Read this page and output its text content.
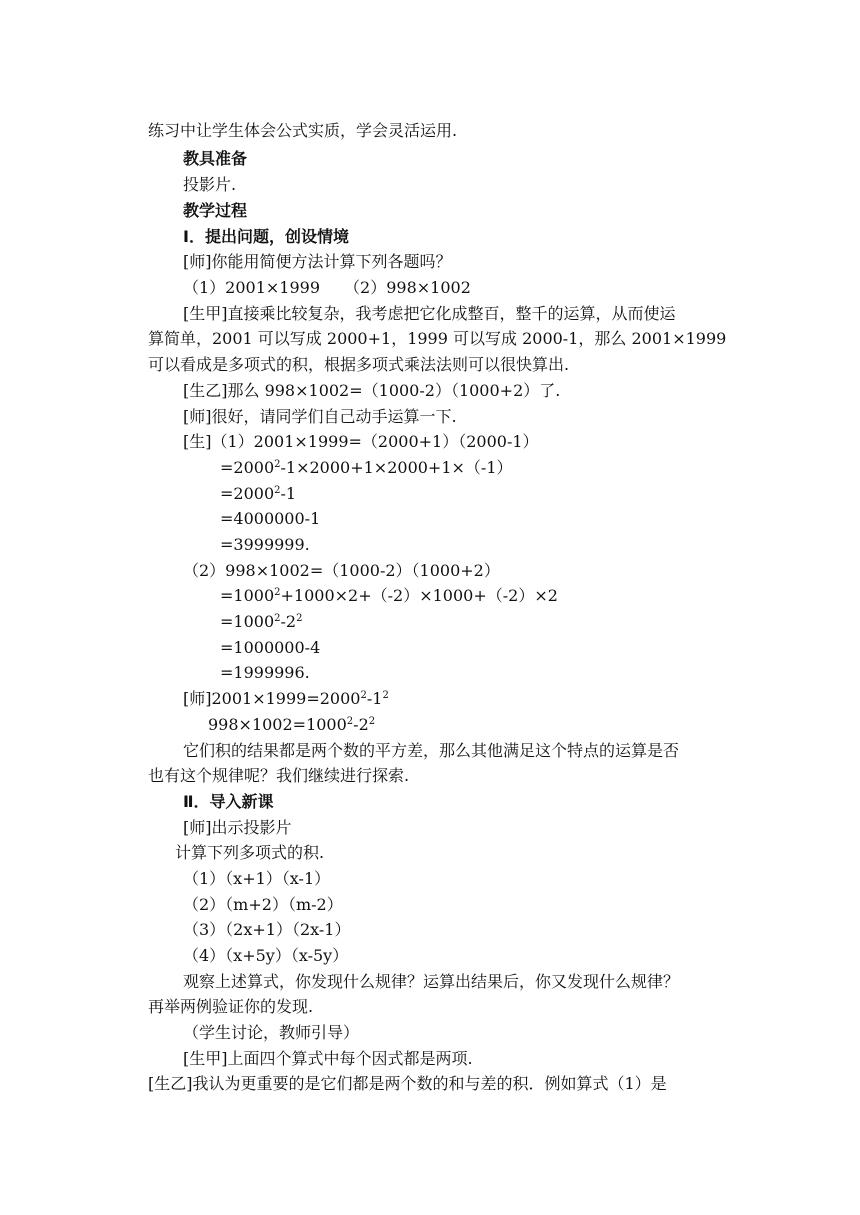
练习中让学生体会公式实质，学会灵活运用.
教具准备
投影片.
教学过程
Ⅰ．提出问题，创设情境
[师]你能用简便方法计算下列各题吗？
（1）2001×1999　　（2）998×1002
[生甲]直接乘比较复杂，我考虑把它化成整百，整千的运算，从而使运
算简单，2001 可以写成 2000+1，1999 可以写成 2000-1，那么 2001×1999
可以看成是多项式的积，根据多项式乘法法则可以很快算出.
[生乙]那么 998×1002=（1000-2）（1000+2）了.
[师]很好，请同学们自己动手运算一下.
[生]（1）2001×1999=（2000+1）（2000-1）
$=2000^2-1\times 2000+1\times 2000+1\times(-1)$
$=2000^2-1$
=4000000-1
=3999999.
（2）998×1002=（1000-2）（1000+2）
$=1000^2+1000\times 2+(-2)\times 1000+(-2)\times 2$
$=1000^2-2^2$
=1000000-4
=1999996.
[师]$2001\times 1999=2000^2-1^2$
$998\times 1002=1000^2-2^2$
它们积的结果都是两个数的平方差，那么其他满足这个特点的运算是否
也有这个规律呢？我们继续进行探索.
Ⅱ．导入新课
[师]出示投影片
计算下列多项式的积.
（1）（x+1）（x-1）
（2）（m+2）（m-2）
（3）（2x+1）（2x-1）
（4）（x+5y）（x-5y）
观察上述算式，你发现什么规律？运算出结果后，你又发现什么规律？
再举两例验证你的发现.
（学生讨论，教师引导）
[生甲]上面四个算式中每个因式都是两项.
[生乙]我认为更重要的是它们都是两个数的和与差的积．例如算式（1）是
